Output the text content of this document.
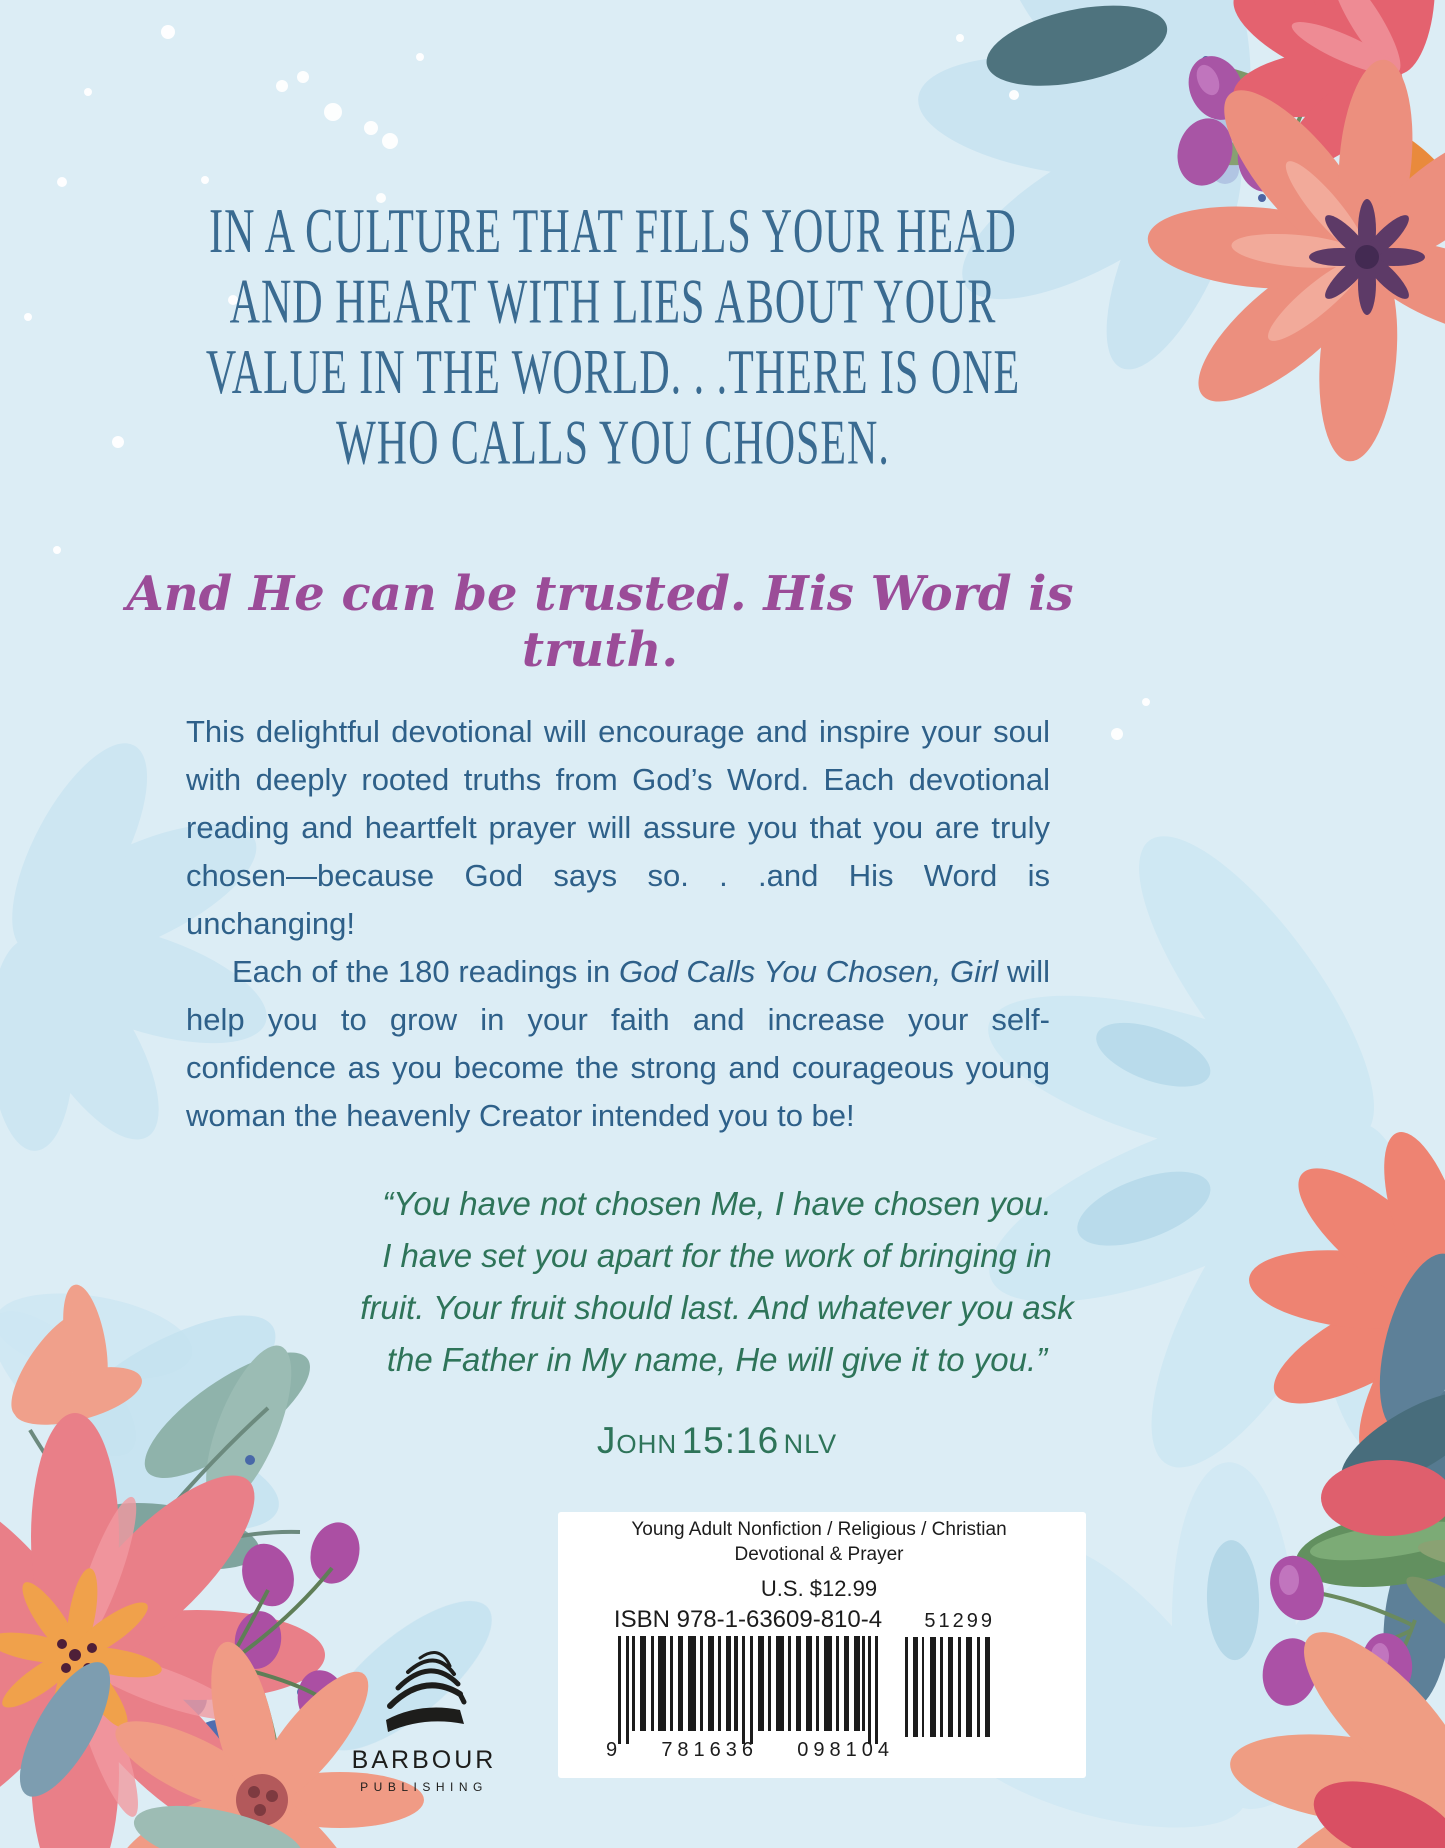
IN A CULTURE THAT FILLS YOUR HEAD
AND HEART WITH LIES ABOUT YOUR
VALUE IN THE WORLD. . .THERE IS ONE
WHO CALLS YOU CHOSEN.
And He can be trusted. His Word is truth.

This delightful devotional will encourage and inspire your soul with deeply rooted truths from God’s Word. Each devotional reading and heartfelt prayer will assure you that you are truly chosen—because God says so. . .and His Word is unchanging!

Each of the 180 readings in God Calls You Chosen, Girl will help you to grow in your faith and increase your self-confidence as you become the strong and courageous young woman the heavenly Creator intended you to be!

“You have not chosen Me, I have chosen you.
I have set you apart for the work of bringing in
fruit. Your fruit should last. And whatever you ask
the Father in My name, He will give it to you.”
John 15:16 NLV
Young Adult Nonfiction / Religious / Christian
Devotional & Prayer
U.S. $12.99
ISBN 978-1-63609-810-4
9 781636 098104
51299
BARBOUR
PUBLISHING
